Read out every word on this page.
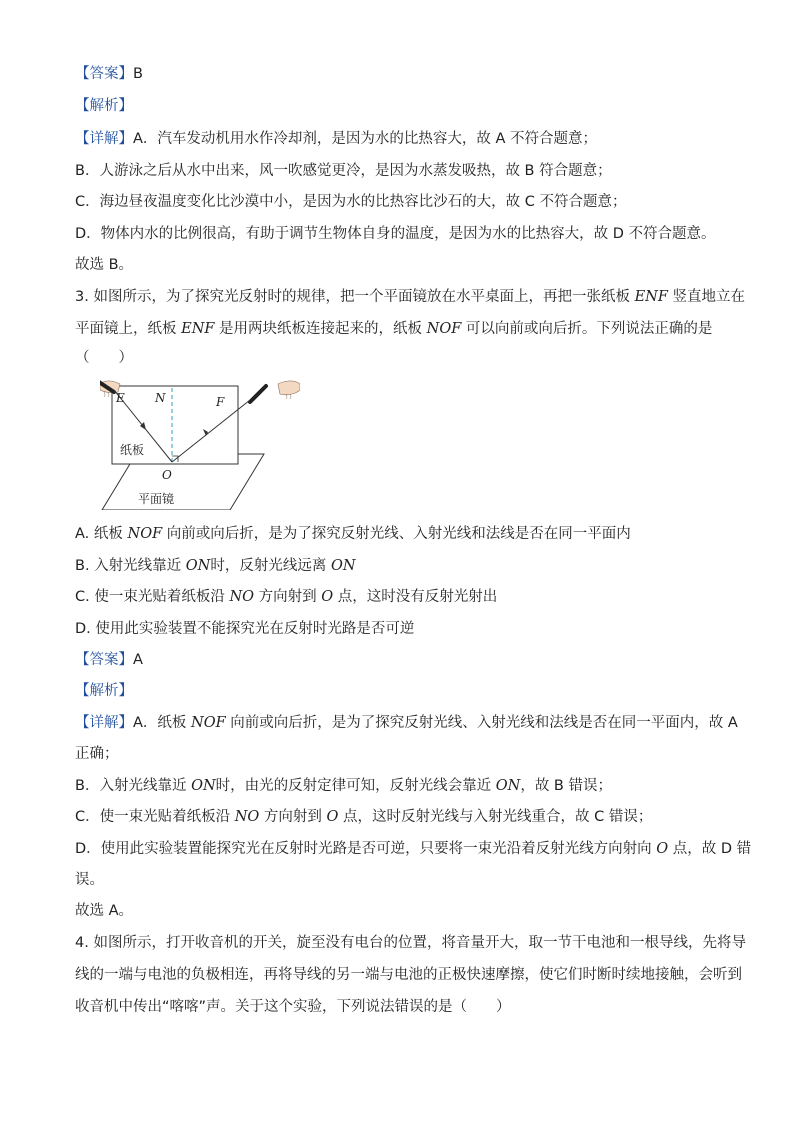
【答案】B
【解析】
【详解】A．汽车发动机用水作冷却剂，是因为水的比热容大，故 A 不符合题意；
B．人游泳之后从水中出来，风一吹感觉更冷，是因为水蒸发吸热，故 B 符合题意；
C．海边昼夜温度变化比沙漠中小，是因为水的比热容比沙石的大，故 C 不符合题意；
D．物体内水的比例很高，有助于调节生物体自身的温度，是因为水的比热容大，故 D 不符合题意。
故选 B。
3. 如图所示，为了探究光反射时的规律，把一个平面镜放在水平桌面上，再把一张纸板 ENF 竖直地立在
平面镜上，纸板 ENF 是用两块纸板连接起来的，纸板 NOF 可以向前或向后折。下列说法正确的是
（　　）
E	N	F
O
纸板
平面镜
A. 纸板 NOF 向前或向后折，是为了探究反射光线、入射光线和法线是否在同一平面内
B. 入射光线靠近 ON时，反射光线远离 ON
C. 使一束光贴着纸板沿 NO 方向射到 O 点，这时没有反射光射出
D. 使用此实验装置不能探究光在反射时光路是否可逆
【答案】A
【解析】
【详解】A．纸板 NOF 向前或向后折，是为了探究反射光线、入射光线和法线是否在同一平面内，故 A
正确；
B．入射光线靠近 ON时，由光的反射定律可知，反射光线会靠近 ON，故 B 错误；
C．使一束光贴着纸板沿 NO 方向射到 O 点，这时反射光线与入射光线重合，故 C 错误；
D．使用此实验装置能探究光在反射时光路是否可逆，只要将一束光沿着反射光线方向射向 O 点，故 D 错
误。
故选 A。
4. 如图所示，打开收音机的开关，旋至没有电台的位置，将音量开大，取一节干电池和一根导线，先将导
线的一端与电池的负极相连，再将导线的另一端与电池的正极快速摩擦，使它们时断时续地接触，会听到
收音机中传出“喀喀”声。关于这个实验，下列说法错误的是（　　）
